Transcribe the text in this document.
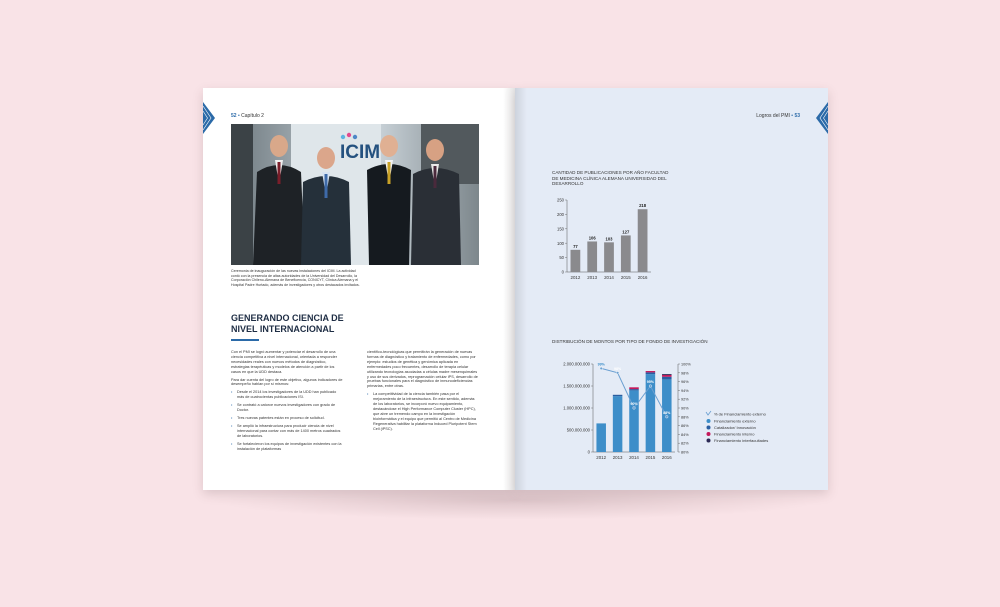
52 • Capítulo 2
ICIM
Ceremonia de inauguración de las nuevas instalaciones del ICIM. La actividad contó con la presencia de altas autoridades de la Universidad del Desarrollo, la Corporación Chileno-Alemana de Beneficencia, CONICYT, Clínica Alemana y el Hospital Padre Hurtado, además de investigadores y otros destacados invitados.
GENERANDO CIENCIA DE NIVEL INTERNACIONAL

Con el PMI se logró aumentar y potenciar el desarrollo de una ciencia competitiva a nivel internacional, orientada a responder necesidades reales con nuevos métodos de diagnóstico, estrategias terapéuticas y modelos de atención a partir de los casos en que la UDD destaca.

Para dar cuenta del logro de este objetivo, algunos indicadores de desempeño hablan por sí mismos:

• Desde el 2014 los investigadores de la UDD han publicado más de cuatrocientas publicaciones ISI.
• Se contrató a catorce nuevos investigadores con grado de Doctor.
• Tres nuevas patentes están en proceso de solicitud.
• Se amplió la infraestructura para producir ciencia de nivel internacional para contar con más de 1400 metros cuadrados de laboratorios.
• Se fortalecieron los equipos de investigación existentes con la instalación de plataformas

científico-tecnológicas que permitirán la generación de nuevas formas de diagnóstico y tratamiento de enfermedades, como por ejemplo: estudios de genética y genómica aplicada en enfermedades poco frecuentes, desarrollo de terapia celular utilizando tecnologías asociadas a células madre mesenquimales y uso de sus derivados, reprogramación celular iPS, desarrollo de pruebas funcionales para el diagnóstico de inmunodeficiencias primarias, entre otras.

• La competitividad de la ciencia también pasa por el mejoramiento de la infraestructura. En este sentido, además de los laboratorios, se incorporó nuevo equipamiento, destacándose el High Performance Computer Cluster (HPC), que abre un tremendo campo en la investigación bioinformática y el equipo que permitió al Centro de Medicina Regenerativa habilitar la plataforma Induced Pluripotent Stem Cell (iPSC).
Logros del PMI • 53
CANTIDAD DE PUBLICACIONES POR AÑO FACULTAD DE MEDICINA CLÍNICA ALEMANA UNIVERSIDAD DEL DESARROLLO
250
200
150
100
50
0
77
2012
106
2013
103
2014
127
2015
218
2016
DISTRIBUCIÓN DE MONTOS POR TIPO DE FONDO DE INVESTIGACIÓN
2.000.000.000
1.500.000.000
1.000.000.000
500.000.000
0
100%
98%
96%
94%
92%
90%
88%
86%
84%
82%
80%
2012 2013 2014 2015 2016
99%
98%
90%
95%
88%	% de Financiamiento externo
Financiamiento externo
Catalizador/ Innovación
Financiamiento interno
Financiamiento interfacultades
